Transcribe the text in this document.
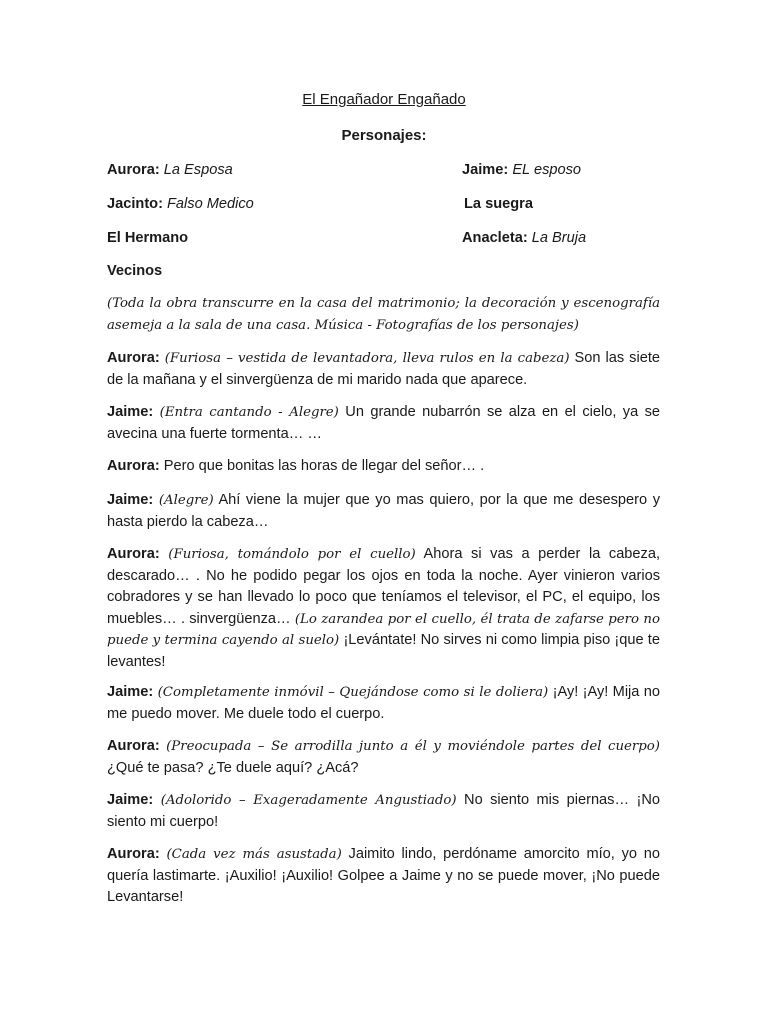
El Engañador Engañado
Personajes:
Aurora: La Esposa	Jaime: EL esposo
Jacinto: Falso Medico	La suegra
El Hermano	Anacleta: La Bruja
Vecinos

(Toda la obra transcurre en la casa del matrimonio; la decoración y escenografía asemeja a la sala de una casa. Música - Fotografías de los personajes)

Aurora: (Furiosa – vestida de levantadora, lleva rulos en la cabeza) Son las siete de la mañana y el sinvergüenza de mi marido nada que aparece.

Jaime: (Entra cantando - Alegre) Un grande nubarrón se alza en el cielo, ya se avecina una fuerte tormenta… …

Aurora: Pero que bonitas las horas de llegar del señor… .

Jaime: (Alegre) Ahí viene la mujer que yo mas quiero, por la que me desespero y hasta pierdo la cabeza…

Aurora: (Furiosa, tomándolo por el cuello) Ahora si vas a perder la cabeza, descarado… . No he podido pegar los ojos en toda la noche. Ayer vinieron varios cobradores y se han llevado lo poco que teníamos el televisor, el PC, el equipo, los muebles… . sinvergüenza… (Lo zarandea por el cuello, él trata de zafarse pero no puede y termina cayendo al suelo) ¡Levántate! No sirves ni como limpia piso ¡que te levantes!

Jaime: (Completamente inmóvil – Quejándose como si le doliera) ¡Ay! ¡Ay! Mija no me puedo mover. Me duele todo el cuerpo.

Aurora: (Preocupada – Se arrodilla junto a él y moviéndole partes del cuerpo) ¿Qué te pasa? ¿Te duele aquí? ¿Acá?

Jaime: (Adolorido – Exageradamente Angustiado) No siento mis piernas… ¡No siento mi cuerpo!

Aurora: (Cada vez más asustada) Jaimito lindo, perdóname amorcito mío, yo no quería lastimarte. ¡Auxilio! ¡Auxilio! Golpee a Jaime y no se puede mover, ¡No puede Levantarse!
